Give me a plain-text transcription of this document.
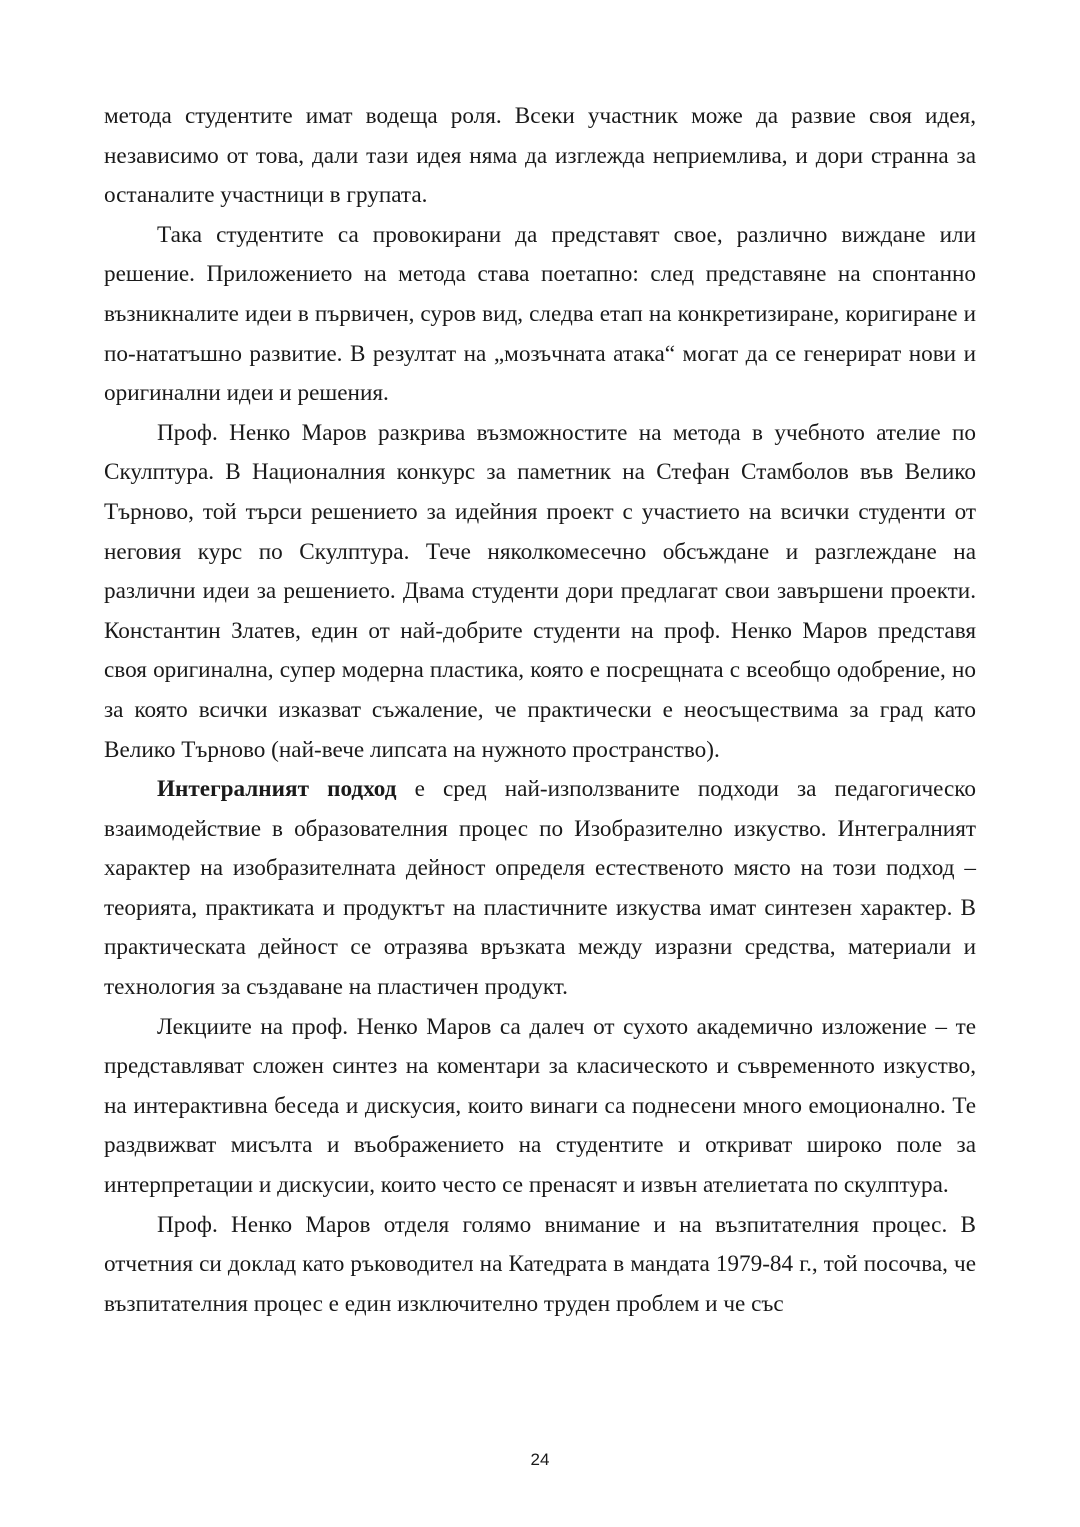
метода студентите имат водеща роля. Всеки участник може да развие своя идея, независимо от това, дали тази идея няма да изглежда неприемлива, и дори странна за останалите участници в групата.

Така студентите са провокирани да представят свое, различно виждане или решение. Приложението на метода става поетапно: след представяне на спонтанно възникналите идеи в първичен, суров вид, следва етап на конкретизиране, коригиране и по-нататъшно развитие. В резултат на „мозъчната атака“ могат да се генерират нови и оригинални идеи и решения.

Проф. Ненко Маров разкрива възможностите на метода в учебното ателие по Скулптура. В Националния конкурс за паметник на Стефан Стамболов във Велико Търново, той търси решението за идейния проект с участието на всички студенти от неговия курс по Скулптура. Тече няколкомесечно обсъждане и разглеждане на различни идеи за решението. Двама студенти дори предлагат свои завършени проекти. Константин Златев, един от най-добрите студенти на проф. Ненко Маров представя своя оригинална, супер модерна пластика, която е посрещната с всеобщо одобрение, но за която всички изказват съжаление, че практически е неосъществима за град като Велико Търново (най-вече липсата на нужното пространство).

Интегралният подход е сред най-използваните подходи за педагогическо взаимодействие в образователния процес по Изобразително изкуство. Интегралният характер на изобразителната дейност определя естественото място на този подход – теорията, практиката и продуктът на пластичните изкуства имат синтезен характер. В практическата дейност се отразява връзката между изразни средства, материали и технология за създаване на пластичен продукт.

Лекциите на проф. Ненко Маров са далеч от сухото академично изложение – те представляват сложен синтез на коментари за класическото и съвременното изкуство, на интерактивна беседа и дискусия, които винаги са поднесени много емоционално. Те раздвижват мисълта и въображението на студентите и откриват широко поле за интерпретации и дискусии, които често се пренасят и извън ателиетата по скулптура.

Проф. Ненко Маров отделя голямо внимание и на възпитателния процес. В отчетния си доклад като ръководител на Катедрата в мандата 1979-84 г., той посочва, че възпитателния процес е един изключително труден проблем и че със

24
